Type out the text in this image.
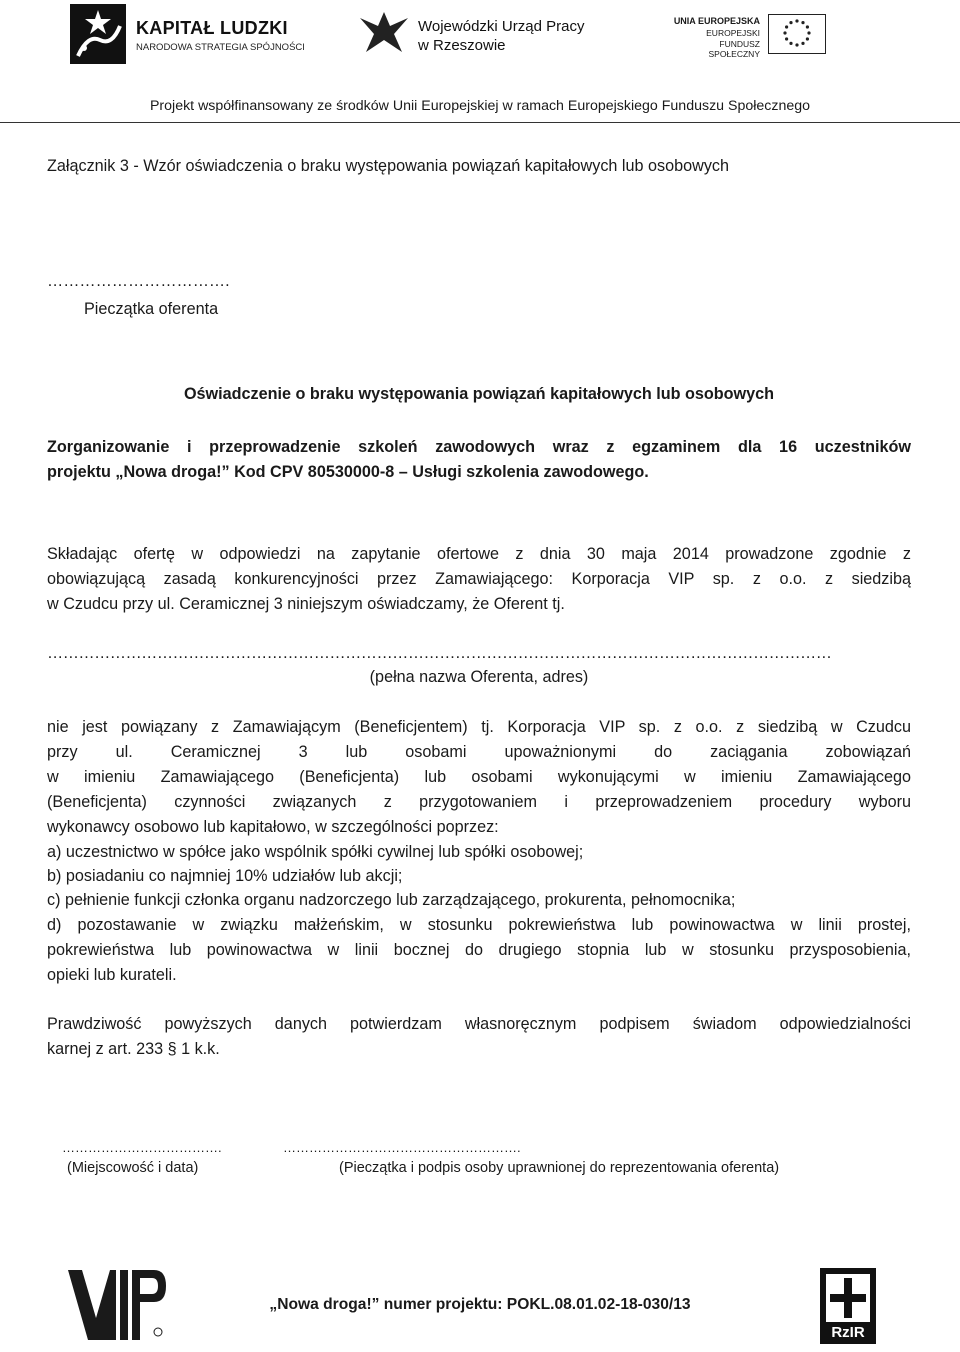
KAPITAŁ LUDZKI
NARODOWA STRATEGIA SPÓJNOŚCI
Wojewódzki Urząd Pracy
w Rzeszowie
UNIA EUROPEJSKA
EUROPEJSKI
FUNDUSZ SPOŁECZNY
Projekt współfinansowany ze środków Unii Europejskiej w ramach Europejskiego Funduszu Społecznego
Załącznik 3 - Wzór oświadczenia o braku występowania powiązań kapitałowych lub osobowych
…………………………….
Pieczątka oferenta
Oświadczenie o braku występowania powiązań kapitałowych lub osobowych
Zorganizowanie i przeprowadzenie szkoleń zawodowych wraz z egzaminem dla 16 uczestników
projektu „Nowa droga!” Kod CPV 80530000-8 – Usługi szkolenia zawodowego.
Składając ofertę w odpowiedzi na zapytanie ofertowe z dnia 30 maja 2014 prowadzone zgodnie z
obowiązującą zasadą konkurencyjności przez Zamawiającego: Korporacja VIP sp. z o.o. z siedzibą
w Czudcu przy ul. Ceramicznej 3 niniejszym oświadczamy, że Oferent tj.
……………………………………………………………………………………………………………………………………
(pełna nazwa Oferenta, adres)
nie jest powiązany z Zamawiającym (Beneficjentem) tj. Korporacja VIP sp. z o.o. z siedzibą w Czudcu
przy ul. Ceramicznej 3 lub osobami upoważnionymi do zaciągania zobowiązań
w imieniu Zamawiającego (Beneficjenta) lub osobami wykonującymi w imieniu Zamawiającego
(Beneficjenta) czynności związanych z przygotowaniem i przeprowadzeniem procedury wyboru
wykonawcy osobowo lub kapitałowo, w szczególności poprzez:
a) uczestnictwo w spółce jako wspólnik spółki cywilnej lub spółki osobowej;
b) posiadaniu co najmniej 10% udziałów lub akcji;
c) pełnienie funkcji członka organu nadzorczego lub zarządzającego, prokurenta, pełnomocnika;
d) pozostawanie w związku małżeńskim, w stosunku pokrewieństwa lub powinowactwa w linii prostej,
pokrewieństwa lub powinowactwa w linii bocznej do drugiego stopnia lub w stosunku przysposobienia,
opieki lub kurateli.
Prawdziwość powyższych danych potwierdzam własnoręcznym podpisem świadom odpowiedzialności
karnej z art. 233 § 1 k.k.
……………………………….
(Miejscowość i data)
……………………………………………….
(Pieczątka i podpis osoby uprawnionej do reprezentowania oferenta)
„Nowa droga!” numer projektu: POKL.08.01.02-18-030/13
RzIR
